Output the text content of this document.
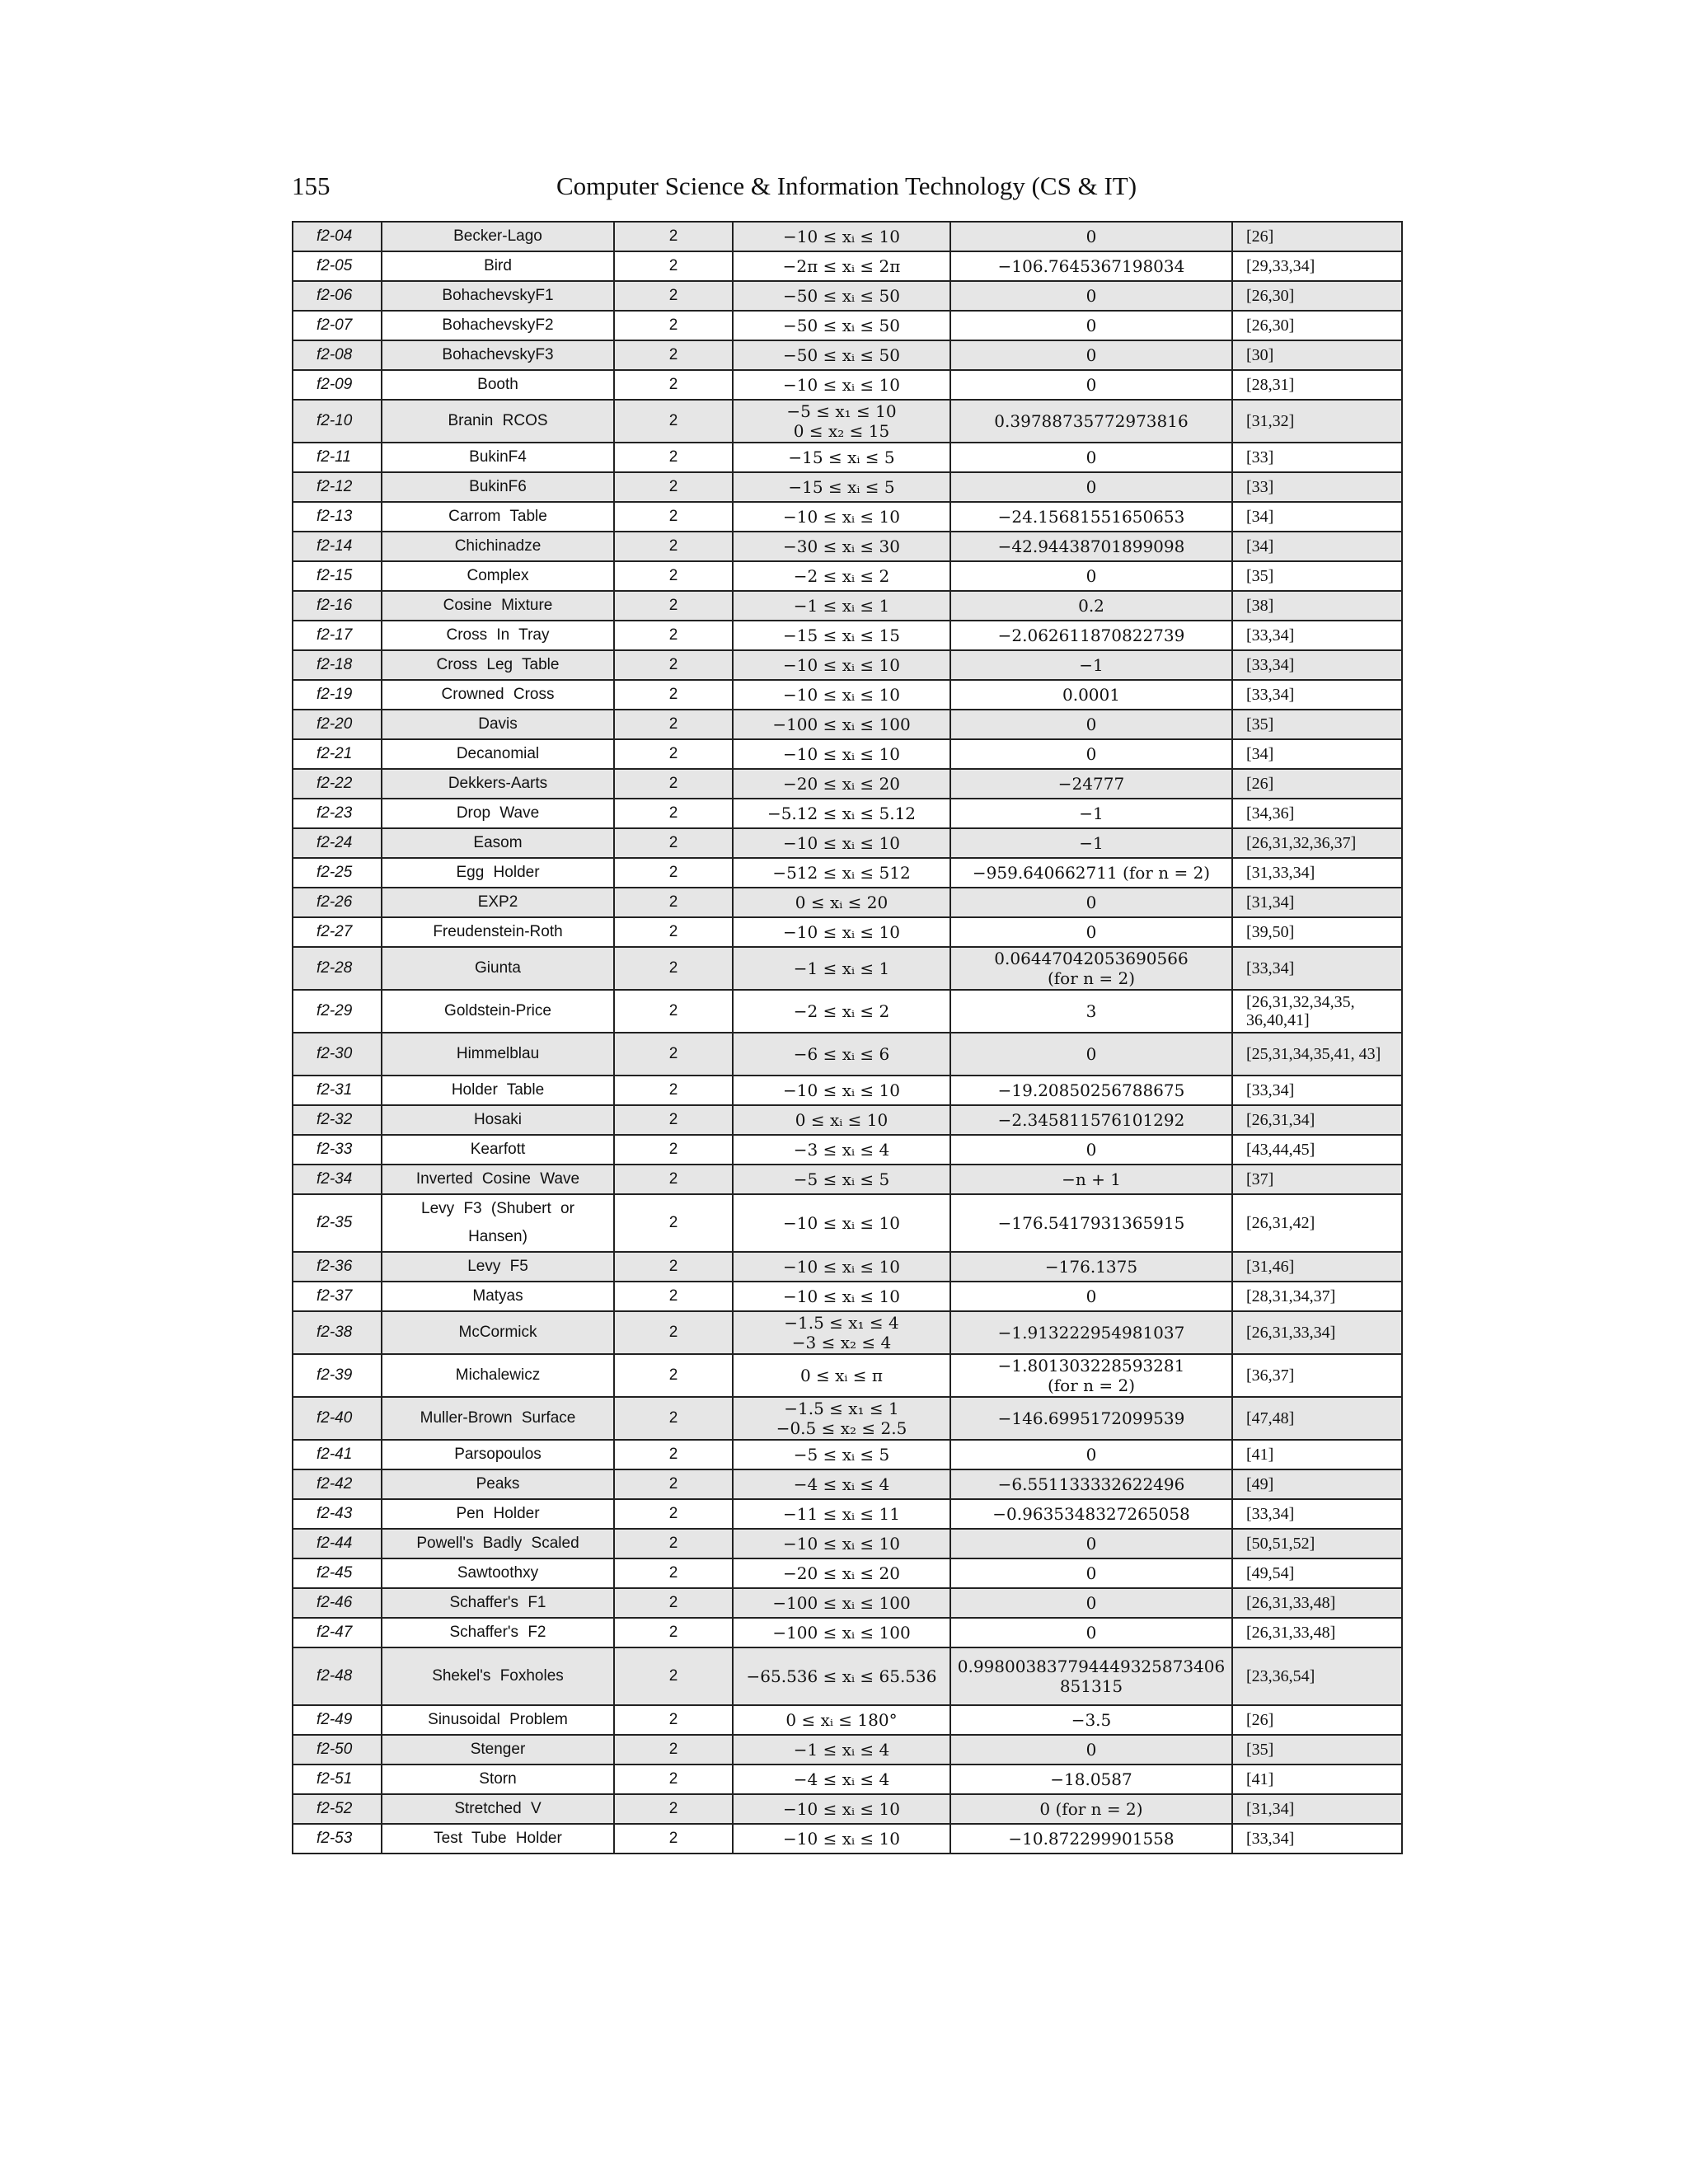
155	Computer Science & Information Technology (CS & IT)
f2-04	Becker-Lago	2	−10 ≤ xᵢ ≤ 10	0	[26]
f2-05	Bird	2	−2π ≤ xᵢ ≤ 2π	−106.7645367198034	[29,33,34]
f2-06	BohachevskyF1	2	−50 ≤ xᵢ ≤ 50	0	[26,30]
f2-07	BohachevskyF2	2	−50 ≤ xᵢ ≤ 50	0	[26,30]
f2-08	BohachevskyF3	2	−50 ≤ xᵢ ≤ 50	0	[30]
f2-09	Booth	2	−10 ≤ xᵢ ≤ 10	0	[28,31]
f2-10	Branin RCOS	2	−5 ≤ x₁ ≤ 10
0 ≤ x₂ ≤ 15	0.39788735772973816	[31,32]
f2-11	BukinF4	2	−15 ≤ xᵢ ≤ 5	0	[33]
f2-12	BukinF6	2	−15 ≤ xᵢ ≤ 5	0	[33]
f2-13	Carrom Table	2	−10 ≤ xᵢ ≤ 10	−24.15681551650653	[34]
f2-14	Chichinadze	2	−30 ≤ xᵢ ≤ 30	−42.94438701899098	[34]
f2-15	Complex	2	−2 ≤ xᵢ ≤ 2	0	[35]
f2-16	Cosine Mixture	2	−1 ≤ xᵢ ≤ 1	0.2	[38]
f2-17	Cross In Tray	2	−15 ≤ xᵢ ≤ 15	−2.062611870822739	[33,34]
f2-18	Cross Leg Table	2	−10 ≤ xᵢ ≤ 10	−1	[33,34]
f2-19	Crowned Cross	2	−10 ≤ xᵢ ≤ 10	0.0001	[33,34]
f2-20	Davis	2	−100 ≤ xᵢ ≤ 100	0	[35]
f2-21	Decanomial	2	−10 ≤ xᵢ ≤ 10	0	[34]
f2-22	Dekkers-Aarts	2	−20 ≤ xᵢ ≤ 20	−24777	[26]
f2-23	Drop Wave	2	−5.12 ≤ xᵢ ≤ 5.12	−1	[34,36]
f2-24	Easom	2	−10 ≤ xᵢ ≤ 10	−1	[26,31,32,36,37]
f2-25	Egg Holder	2	−512 ≤ xᵢ ≤ 512	−959.640662711 (for n = 2)	[31,33,34]
f2-26	EXP2	2	0 ≤ xᵢ ≤ 20	0	[31,34]
f2-27	Freudenstein-Roth	2	−10 ≤ xᵢ ≤ 10	0	[39,50]
f2-28	Giunta	2	−1 ≤ xᵢ ≤ 1	0.06447042053690566
(for n = 2)	[33,34]
f2-29	Goldstein-Price	2	−2 ≤ xᵢ ≤ 2	3	[26,31,32,34,35, 36,40,41]
f2-30	Himmelblau	2	−6 ≤ xᵢ ≤ 6	0	[25,31,34,35,41, 43]
f2-31	Holder Table	2	−10 ≤ xᵢ ≤ 10	−19.20850256788675	[33,34]
f2-32	Hosaki	2	0 ≤ xᵢ ≤ 10	−2.345811576101292	[26,31,34]
f2-33	Kearfott	2	−3 ≤ xᵢ ≤ 4	0	[43,44,45]
f2-34	Inverted Cosine Wave	2	−5 ≤ xᵢ ≤ 5	−n + 1	[37]
f2-35	Levy F3 (Shubert or Hansen)	2	−10 ≤ xᵢ ≤ 10	−176.5417931365915	[26,31,42]
f2-36	Levy F5	2	−10 ≤ xᵢ ≤ 10	−176.1375	[31,46]
f2-37	Matyas	2	−10 ≤ xᵢ ≤ 10	0	[28,31,34,37]
f2-38	McCormick	2	−1.5 ≤ x₁ ≤ 4
−3 ≤ x₂ ≤ 4	−1.913222954981037	[26,31,33,34]
f2-39	Michalewicz	2	0 ≤ xᵢ ≤ π	−1.801303228593281
(for n = 2)	[36,37]
f2-40	Muller-Brown Surface	2	−1.5 ≤ x₁ ≤ 1
−0.5 ≤ x₂ ≤ 2.5	−146.6995172099539	[47,48]
f2-41	Parsopoulos	2	−5 ≤ xᵢ ≤ 5	0	[41]
f2-42	Peaks	2	−4 ≤ xᵢ ≤ 4	−6.551133332622496	[49]
f2-43	Pen Holder	2	−11 ≤ xᵢ ≤ 11	−0.9635348327265058	[33,34]
f2-44	Powell's Badly Scaled	2	−10 ≤ xᵢ ≤ 10	0	[50,51,52]
f2-45	Sawtoothxy	2	−20 ≤ xᵢ ≤ 20	0	[49,54]
f2-46	Schaffer's F1	2	−100 ≤ xᵢ ≤ 100	0	[26,31,33,48]
f2-47	Schaffer's F2	2	−100 ≤ xᵢ ≤ 100	0	[26,31,33,48]
f2-48	Shekel's Foxholes	2	−65.536 ≤ xᵢ ≤ 65.536	0.998003837794449325873406 851315	[23,36,54]
f2-49	Sinusoidal Problem	2	0 ≤ xᵢ ≤ 180°	−3.5	[26]
f2-50	Stenger	2	−1 ≤ xᵢ ≤ 4	0	[35]
f2-51	Storn	2	−4 ≤ xᵢ ≤ 4	−18.0587	[41]
f2-52	Stretched V	2	−10 ≤ xᵢ ≤ 10	0 (for n = 2)	[31,34]
f2-53	Test Tube Holder	2	−10 ≤ xᵢ ≤ 10	−10.872299901558	[33,34]
